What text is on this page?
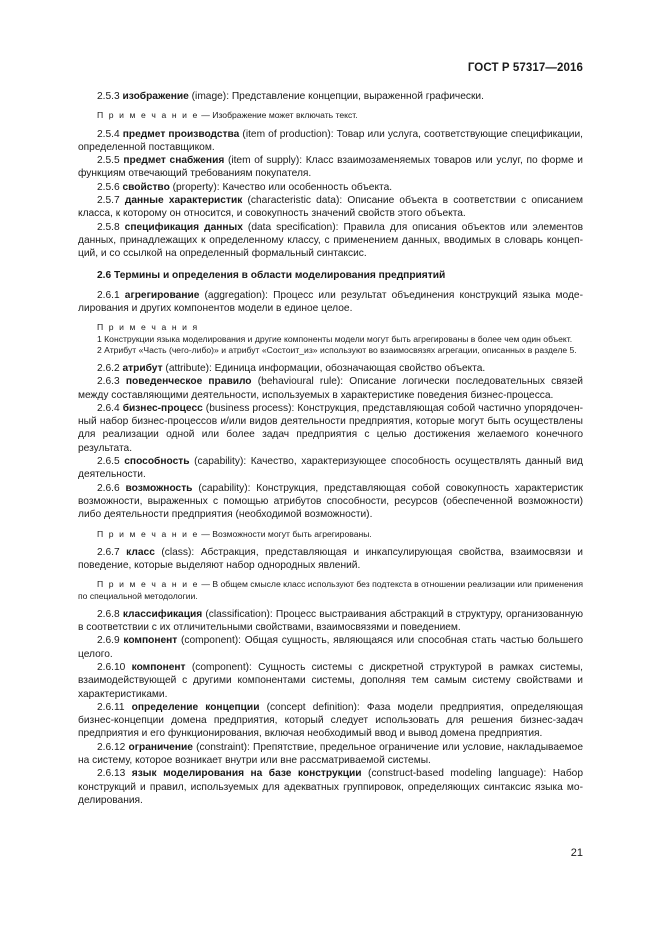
ГОСТ Р 57317—2016

2.5.3 изображение (image): Представление концепции, выраженной графически.

П р и м е ч а н и е — Изображение может включать текст.

2.5.4 предмет производства (item of production): Товар или услуга, соответствующие спецификации, определенной поставщиком.

2.5.5 предмет снабжения (item of supply): Класс взаимозаменяемых товаров или услуг, по форме и функциям отвечающий требованиям покупателя.

2.5.6 свойство (property): Качество или особенность объекта.

2.5.7 данные характеристик (characteristic data): Описание объекта в соответствии с описанием класса, к которому он относится, и совокупность значений свойств этого объекта.

2.5.8 спецификация данных (data specification): Правила для описания объектов или элементов данных, принадлежащих к определенному классу, с применением данных, вводимых в словарь концепций, и со ссылкой на определенный формальный синтаксис.

2.6 Термины и определения в области моделирования предприятий

2.6.1 агрегирование (aggregation): Процесс или результат объединения конструкций языка моделирования и других компонентов модели в единое целое.

П р и м е ч а н и я

1 Конструкции языка моделирования и другие компоненты модели могут быть агрегированы в более чем один объект.

2 Атрибут «Часть (чего-либо)» и атрибут «Состоит_из» используют во взаимосвязях агрегации, описанных в разделе 5.

2.6.2 атрибут (attribute): Единица информации, обозначающая свойство объекта.

2.6.3 поведенческое правило (behavioural rule): Описание логически последовательных связей между составляющими деятельности, используемых в характеристике поведения бизнес-процесса.

2.6.4 бизнес-процесс (business process): Конструкция, представляющая собой частично упорядоченный набор бизнес-процессов и/или видов деятельности предприятия, которые могут быть осуществлены для реализации одной или более задач предприятия с целью достижения желаемого конечного результата.

2.6.5 способность (capability): Качество, характеризующее способность осуществлять данный вид деятельности.

2.6.6 возможность (capability): Конструкция, представляющая собой совокупность характеристик возможности, выраженных с помощью атрибутов способности, ресурсов (обеспеченной возможности) либо деятельности предприятия (необходимой возможности).

П р и м е ч а н и е — Возможности могут быть агрегированы.

2.6.7 класс (class): Абстракция, представляющая и инкапсулирующая свойства, взаимосвязи и поведение, которые выделяют набор однородных явлений.

П р и м е ч а н и е — В общем смысле класс используют без подтекста в отношении реализации или применения по специальной методологии.

2.6.8 классификация (classification): Процесс выстраивания абстракций в структуру, организованную в соответствии с их отличительными свойствами, взаимосвязями и поведением.

2.6.9 компонент (component): Общая сущность, являющаяся или способная стать частью большего целого.

2.6.10 компонент (component): Сущность системы с дискретной структурой в рамках системы, взаимодействующей с другими компонентами системы, дополняя тем самым систему свойствами и характеристиками.

2.6.11 определение концепции (concept definition): Фаза модели предприятия, определяющая бизнес-концепции домена предприятия, который следует использовать для решения бизнес-задач предприятия и его функционирования, включая необходимый ввод и вывод домена предприятия.

2.6.12 ограничение (constraint): Препятствие, предельное ограничение или условие, накладываемое на систему, которое возникает внутри или вне рассматриваемой системы.

2.6.13 язык моделирования на базе конструкции (construct-based modeling language): Набор конструкций и правил, используемых для адекватных группировок, определяющих синтаксис языка моделирования.

21
